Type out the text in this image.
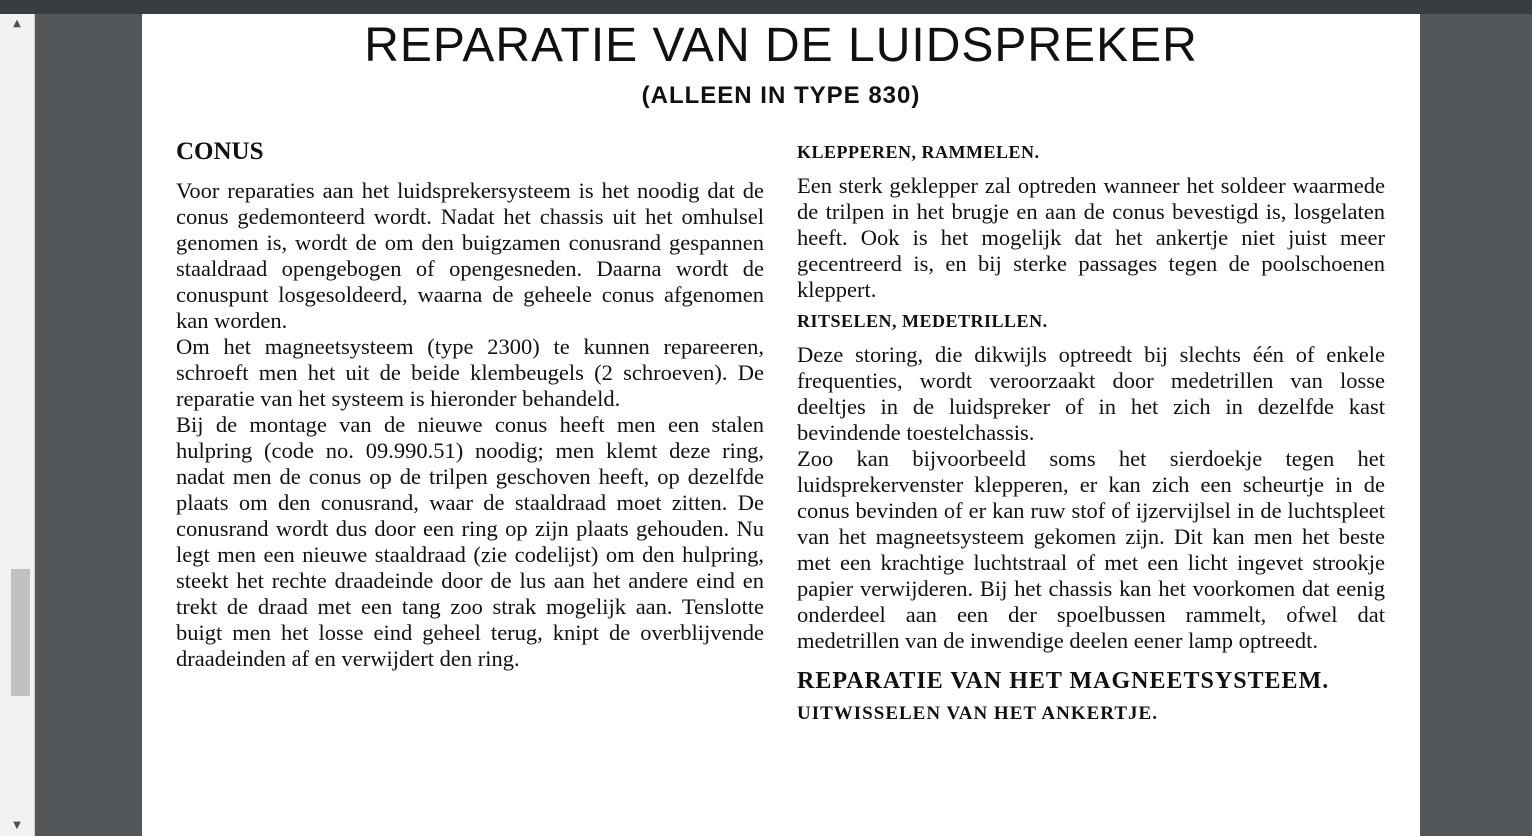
▲
▼
REPARATIE VAN DE LUIDSPREKER
(ALLEEN IN TYPE 830)
CONUS

Voor reparaties aan het luidsprekersysteem is het noodig dat de conus gedemonteerd wordt. Nadat het chassis uit het omhulsel genomen is, wordt de om den buigzamen conusrand gespannen staaldraad opengebogen of opengesneden. Daarna wordt de conuspunt losgesoldeerd, waarna de geheele conus afgenomen kan worden.

Om het magneetsysteem (type 2300) te kunnen repareeren, schroeft men het uit de beide klembeugels (2 schroeven). De reparatie van het systeem is hieronder behandeld.

Bij de montage van de nieuwe conus heeft men een stalen hulpring (code no. 09.990.51) noodig; men klemt deze ring, nadat men de conus op de trilpen geschoven heeft, op dezelfde plaats om den conusrand, waar de staaldraad moet zitten. De conusrand wordt dus door een ring op zijn plaats gehouden. Nu legt men een nieuwe staaldraad (zie codelijst) om den hulpring, steekt het rechte draadeinde door de lus aan het andere eind en trekt de draad met een tang zoo strak mogelijk aan. Tenslotte buigt men het losse eind geheel terug, knipt de overblijvende draadeinden af en verwijdert den ring.

KLEPPEREN, RAMMELEN.

Een sterk geklepper zal optreden wanneer het soldeer waarmede de trilpen in het brugje en aan de conus bevestigd is, losgelaten heeft. Ook is het mogelijk dat het ankertje niet juist meer gecentreerd is, en bij sterke passages tegen de poolschoenen kleppert.

RITSELEN, MEDETRILLEN.

Deze storing, die dikwijls optreedt bij slechts één of enkele frequenties, wordt veroorzaakt door medetrillen van losse deeltjes in de luidspreker of in het zich in dezelfde kast bevindende toestelchassis.

Zoo kan bijvoorbeeld soms het sierdoekje tegen het luidsprekervenster klepperen, er kan zich een scheurtje in de conus bevinden of er kan ruw stof of ijzervijlsel in de luchtspleet van het magneetsysteem gekomen zijn. Dit kan men het beste met een krachtige luchtstraal of met een licht ingevet strookje papier verwijderen. Bij het chassis kan het voorkomen dat eenig onderdeel aan een der spoelbussen rammelt, ofwel dat medetrillen van de inwendige deelen eener lamp optreedt.

REPARATIE VAN HET MAGNEETSYSTEEM.
UITWISSELEN VAN HET ANKERTJE.
